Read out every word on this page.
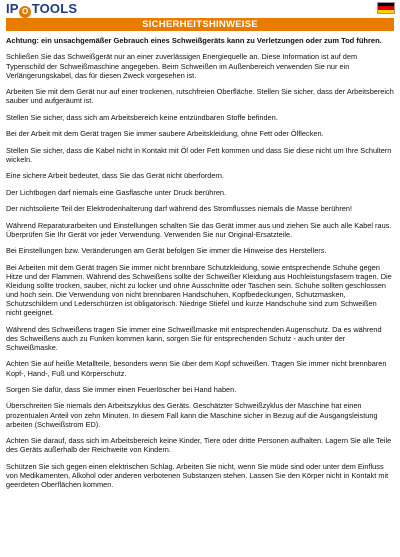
IP O TOOLS
SICHERHEITSHINWEISE

Achtung: ein unsachgemäßer Gebrauch eines Schweißgeräts kann zu Verletzungen oder zum Tod führen.

Schließen Sie das Schweißgerät nur an einer zuverlässigen Energiequelle an. Diese Information ist auf dem Typenschild der Schweißmaschine angegeben. Beim Schweißen im Außenbereich verwenden Sie nur ein Verlängerungskabel, das für diesen Zweck vorgesehen ist.

Arbeiten Sie mit dem Gerät nur auf einer trockenen, rutschfreien Oberfläche. Stellen Sie sicher, dass der Arbeitsbereich sauber und aufgeräumt ist.

Stellen Sie sicher, dass sich am Arbeitsbereich keine entzündbaren Stoffe befinden.

Bei der Arbeit mit dem Gerät tragen Sie immer saubere Arbeitskleidung, ohne Fett oder Ölflecken.

Stellen Sie sicher, dass die Kabel nicht in Kontakt mit Öl oder Fett kommen und dass Sie diese nicht um Ihre Schultern wickeln.

Eine sichere Arbeit bedeutet, dass Sie das Gerät nicht überfordern.

Der Lichtbogen darf niemals eine Gasflasche unter Druck berühren.

Der nichtsolierte Teil der Elektrodenhalterung darf während des Stromflusses niemals die Masse berühren!

Während Reparaturarbeiten und Einstellungen schalten Sie das Gerät immer aus und ziehen Sie auch alle Kabel raus. Überprüfen Sie Ihr Gerät vor jeder Verwendung. Verwenden Sie nur Original-Ersatzteile.

Bei Einstellungen bzw. Veränderungen am Gerät befolgen Sie immer die Hinweise des Herstellers.

Bei Arbeiten mit dem Gerät tragen Sie immer nicht brennbare Schutzkleidung, sowie entsprechende Schuhe gegen Hitze und der Flammen. Während des Schweißens sollte der Schweißer Kleidung aus Hochleistungsfasern tragen. Die Kleidung sollte trocken, sauber, nicht zu locker und ohne Ausschnitte oder Taschen sein. Schuhe sollten geschlossen und hoch sein. Die Verwendung von nicht brennbaren Handschuhen, Kopfbedeckungen, Schutzmasken, Schutzschildern und Lederschürzen ist obligatorisch. Niedrige Stiefel und kurze Handschuhe sind zum Schweißen nicht geeignet.

Während des Schweißens tragen Sie immer eine Schweißmaske mit entsprechenden Augenschutz. Da es während des Schweißens auch zu Funken kommen kann, sorgen Sie für entsprechenden Schutz - auch unter der Schweißmaske.

Achten Sie auf heiße Metallteile, besonders wenn Sie über dem Kopf schweißen. Tragen Sie immer nicht brennbaren Kopf-, Hand-, Fuß und Körperschutz.

Sorgen Sie dafür, dass Sie immer einen Feuerlöscher bei Hand haben.

Überschreiten Sie niemals den Arbeitszyklus des Geräts. Geschätzter Schweißzyklus der Maschine hat einen prozentualen Anteil von zehn Minuten. In diesem Fall kann die Maschine sicher in Bezug auf die Ausgangsleistung arbeiten (Schweißstrom ED).

Achten Sie darauf, dass sich im Arbeitsbereich keine Kinder, Tiere oder dritte Personen aufhalten. Lagern Sie alle Teile des Geräts außerhalb der Reichweite von Kindern.

Schützen Sie sich gegen einen elektrischen Schlag. Arbeiten Sie nicht, wenn Sie müde sind oder unter dem Einfluss von Medikamenten, Alkohol oder anderen verbotenen Substanzen stehen. Lassen Sie den Körper nicht in Kontakt mit geerdeten Oberflächen kommen.
